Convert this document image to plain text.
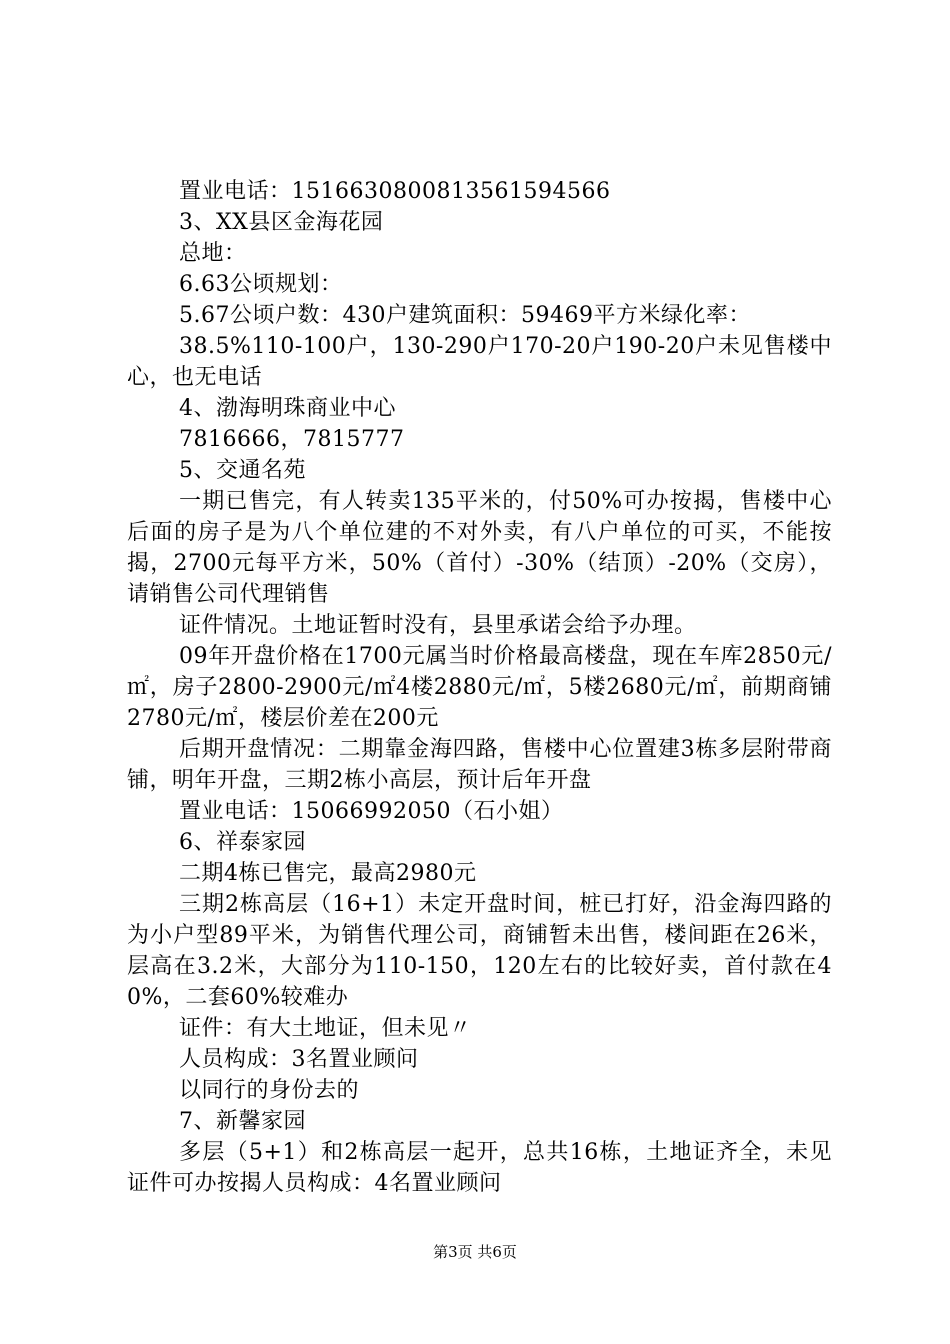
置业电话：15166308008135615945​66

3、XX县区金海花园

总地：

6.63公顷规划：

5.67公顷户数：430户建筑面积：59469平方米绿化率：

38.5%110-100户，130-290户170-20户190-20户未见售楼中心，也无电话

4、渤海明珠商业中心

7816666，7815777

5、交通名苑

一期已售完，有人转卖135平米的，付50%可办按揭，售楼中心后面的房子是为八个单位建的不对外卖，有八户单位的可买，不能按揭，2700元每平方米，50%（首付）-30%（结顶）-20%（交房），请销售公司代理销售

证件情况。土地证暂时没有，县里承诺会给予办理。

09年开盘价格在1700元属当时价格最高楼盘，现在车库2850元/㎡，房子2800-2900元/㎡4楼2880元/㎡，5楼2680元/㎡，前期商铺2780元/㎡，楼层价差在200元

后期开盘情况：二期靠金海四路，售楼中心位置建3栋多层附带商铺，明年开盘，三期2栋小高层，预计后年开盘

置业电话：15066992050（石小姐）

6、祥泰家园

二期4栋已售完，最高2980元

三期2栋高层（16+1）未定开盘时间，桩已打好，沿金海四路的为小户型89平米，为销售代理公司，商铺暂未出售，楼间距在26米，层高在3.2米，大部分为110-150，120左右的比较好卖，首付款在40%，二套60%较难办

证件：有大土地证，但未见〃

人员构成：3名置业顾问

以同行的身份去的

7、新馨家园

多层（5+1）和2栋高层一起开，总共16栋，土地证齐全，未见证件可办按揭人员构成：4名置业顾问

第3页 共6页
